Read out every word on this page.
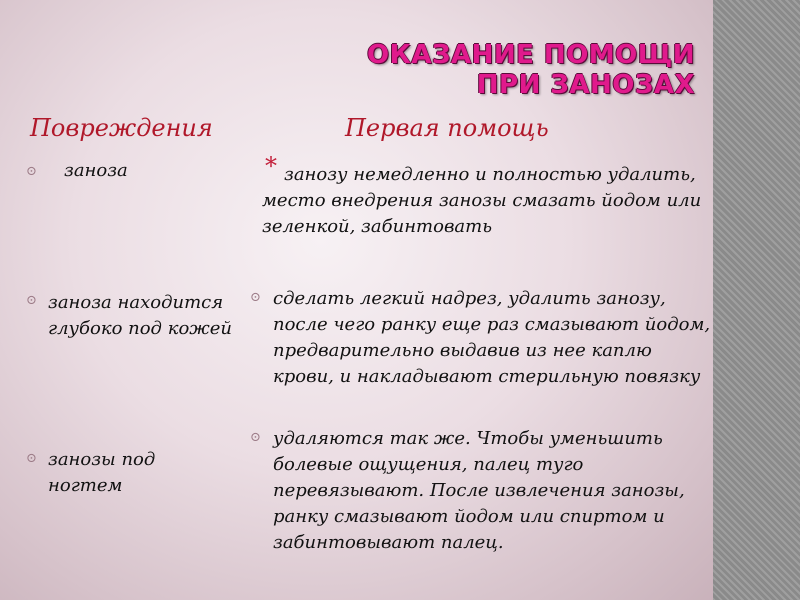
ОКАЗАНИЕ ПОМОЩИ
ПРИ ЗАНОЗАХ
Повреждения	Первая помощь
⊙ заноза
⊙ заноза находится глубоко под кожей
⊙ занозы под ногтем
* занозу немедленно и полностью удалить, место внедрения занозы смазать йодом или зеленкой, забинтовать
⊙ сделать легкий надрез, удалить занозу, после чего ранку еще раз смазывают йодом, предварительно выдавив из нее каплю крови, и накладывают стерильную повязку
⊙ удаляются так же. Чтобы уменьшить болевые ощущения, палец туго перевязывают. После извлечения занозы, ранку смазывают йодом или спиртом и забинтовывают палец.
